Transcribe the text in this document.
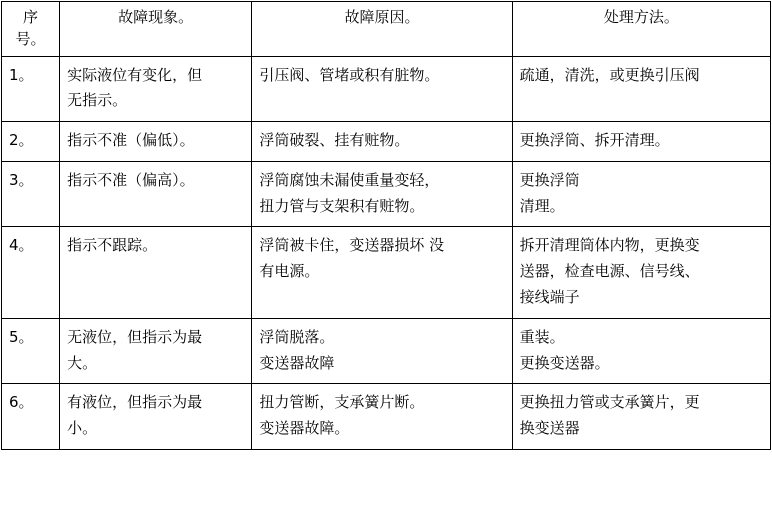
序号。	故障现象。	故障原因。	处理方法。
1。	实际液位有变化，但
无指示。	引压阀、管堵或积有脏物。	疏通，清洗，或更换引压阀

2。	指示不准（偏低）。	浮筒破裂、挂有赃物。	更换浮筒、拆开清理。

3。	指示不准（偏高）。	浮筒腐蚀未漏使重量变轻，
扭力管与支架积有赃物。	更换浮筒
清理。

4。	指示不跟踪。	浮筒被卡住，变送器损坏 没
有电源。	拆开清理筒体内物，更换变
送器，检查电源、信号线、
接线端子

5。	无液位，但指示为最
大。	浮筒脱落。
变送器故障	重装。
更换变送器。

6。	有液位，但指示为最
小。	扭力管断，支承簧片断。
变送器故障。	更换扭力管或支承簧片，更
换变送器
